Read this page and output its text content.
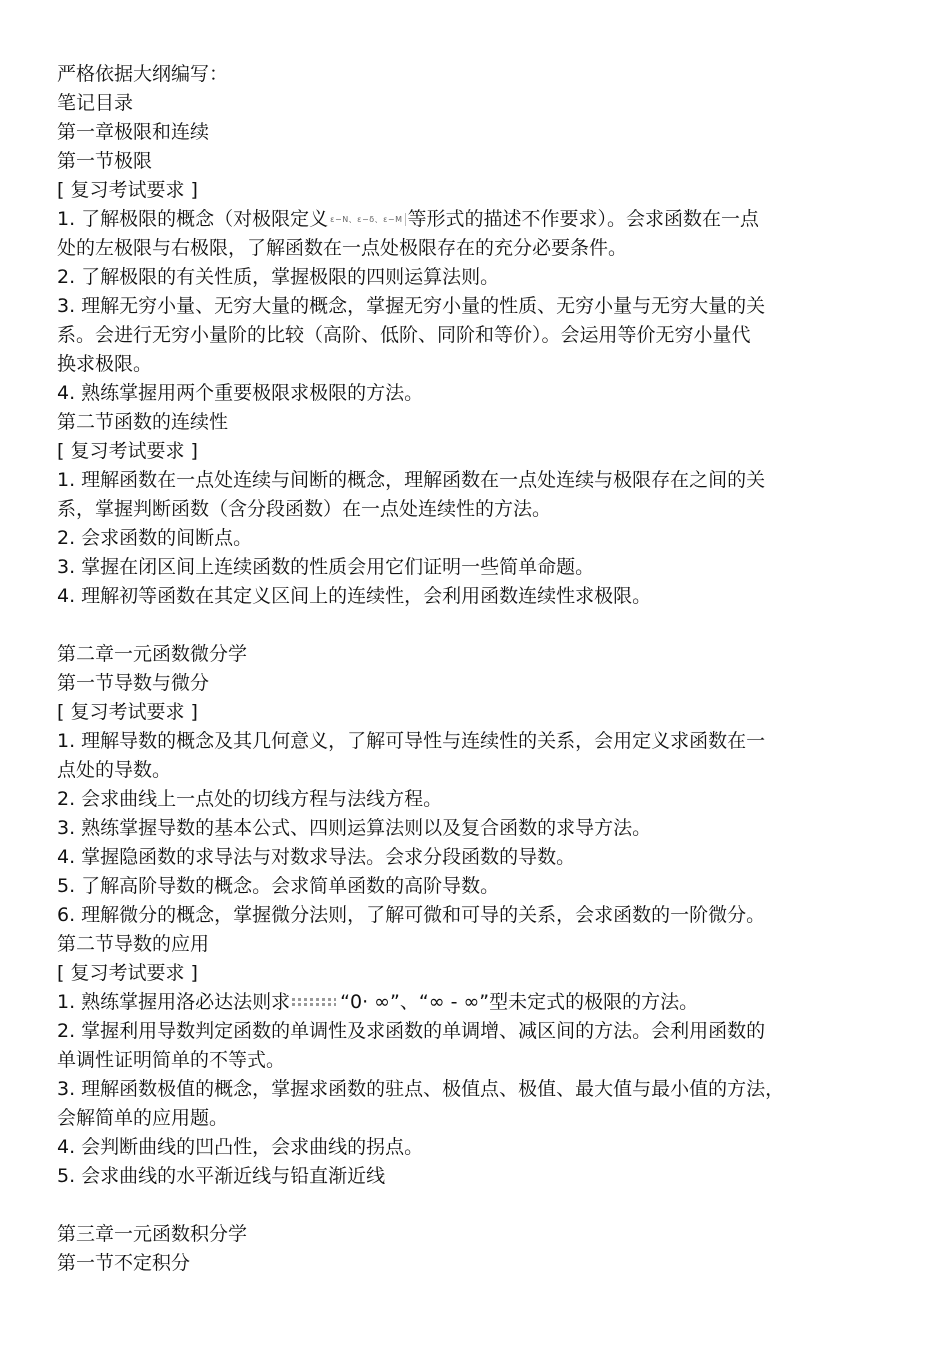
严格依据大纲编写：
笔记目录
第一章极限和连续
第一节极限
[ 复习考试要求 ]
1. 了解极限的概念（对极限定义 ε−N、ε−δ、ε−M 等形式的描述不作要求）。会求函数在一点
处的左极限与右极限，了解函数在一点处极限存在的充分必要条件。
2. 了解极限的有关性质，掌握极限的四则运算法则。
3. 理解无穷小量、无穷大量的概念，掌握无穷小量的性质、无穷小量与无穷大量的关
系。会进行无穷小量阶的比较（高阶、低阶、同阶和等价）。会运用等价无穷小量代
换求极限。
4. 熟练掌握用两个重要极限求极限的方法。
第二节函数的连续性
[ 复习考试要求 ]
1. 理解函数在一点处连续与间断的概念，理解函数在一点处连续与极限存在之间的关
系，掌握判断函数（含分段函数）在一点处连续性的方法。
2. 会求函数的间断点。
3. 掌握在闭区间上连续函数的性质会用它们证明一些简单命题。
4. 理解初等函数在其定义区间上的连续性，会利用函数连续性求极限。
第二章一元函数微分学
第一节导数与微分
[ 复习考试要求 ]
1. 理解导数的概念及其几何意义，了解可导性与连续性的关系，会用定义求函数在一
点处的导数。
2. 会求曲线上一点处的切线方程与法线方程。
3. 熟练掌握导数的基本公式、四则运算法则以及复合函数的求导方法。
4. 掌握隐函数的求导法与对数求导法。会求分段函数的导数。
5. 了解高阶导数的概念。会求简单函数的高阶导数。
6. 理解微分的概念，掌握微分法则，了解可微和可导的关系，会求函数的一阶微分。
第二节导数的应用
[ 复习考试要求 ]
1. 熟练掌握用洛必达法则求	“0· ∞”、“∞ - ∞”型未定式的极限的方法。
2. 掌握利用导数判定函数的单调性及求函数的单调增、减区间的方法。会利用函数的
单调性证明简单的不等式。
3. 理解函数极值的概念，掌握求函数的驻点、极值点、极值、最大值与最小值的方法，
会解简单的应用题。
4. 会判断曲线的凹凸性，会求曲线的拐点。
5. 会求曲线的水平渐近线与铅直渐近线
第三章一元函数积分学
第一节不定积分
